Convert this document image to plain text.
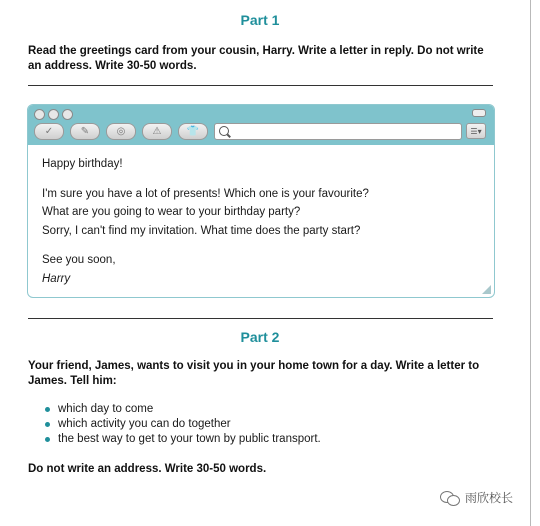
Part 1
Read the greetings card from your cousin, Harry. Write a letter in reply. Do not write
an address. Write 30-50 words.
✓	✎	◎	⚠	👕	☰▾
Happy birthday!
I'm sure you have a lot of presents! Which one is your favourite?
What are you going to wear to your birthday party?
Sorry, I can't find my invitation. What time does the party start?
See you soon,
Harry
Part 2
Your friend, James, wants to visit you in your home town for a day. Write a letter to
James. Tell him:
which day to come
which activity you can do together
the best way to get to your town by public transport.
Do not write an address. Write 30-50 words.
雨欣校长
